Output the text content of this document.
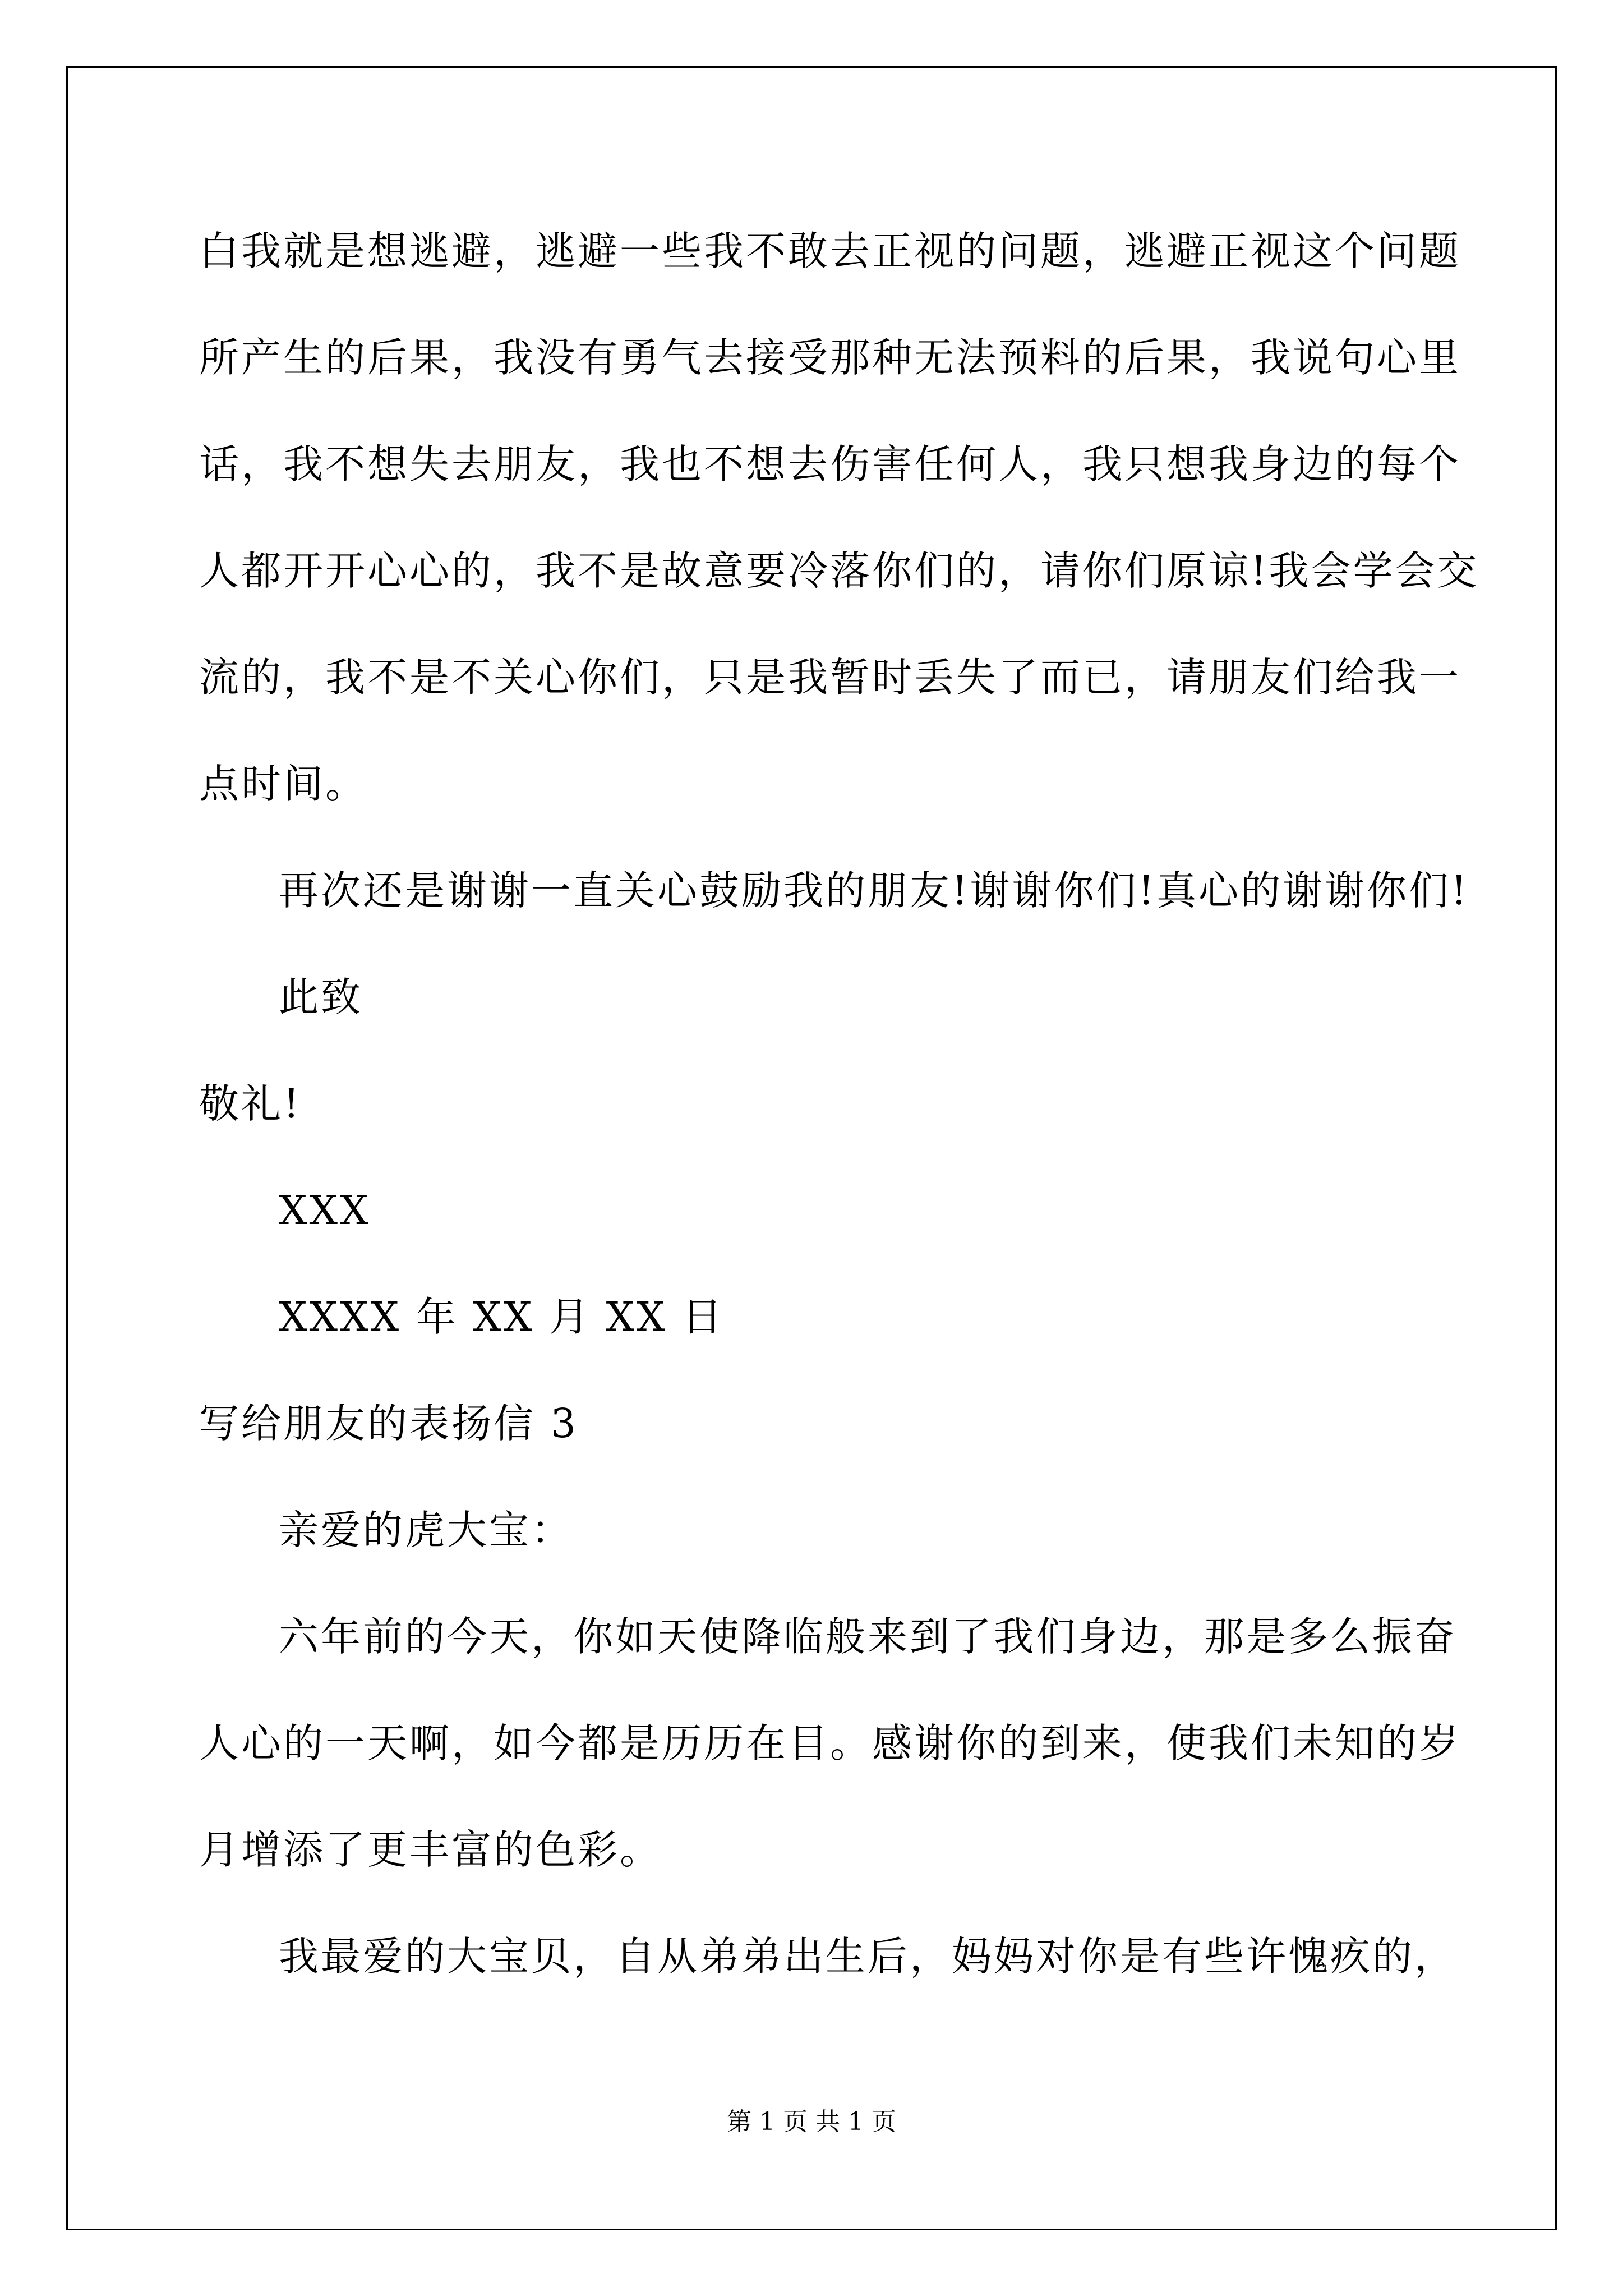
白我就是想逃避，逃避一些我不敢去正视的问题，逃避正视这个问题

所产生的后果，我没有勇气去接受那种无法预料的后果，我说句心里

话，我不想失去朋友，我也不想去伤害任何人，我只想我身边的每个

人都开开心心的，我不是故意要冷落你们的，请你们原谅!我会学会交

流的，我不是不关心你们，只是我暂时丢失了而已，请朋友们给我一

点时间。

再次还是谢谢一直关心鼓励我的朋友!谢谢你们!真心的谢谢你们!

此致

敬礼!

XXX

XXXX 年 XX 月 XX 日

写给朋友的表扬信 3

亲爱的虎大宝：

六年前的今天，你如天使降临般来到了我们身边，那是多么振奋

人心的一天啊，如今都是历历在目。感谢你的到来，使我们未知的岁

月增添了更丰富的色彩。

我最爱的大宝贝，自从弟弟出生后，妈妈对你是有些许愧疚的，

第 1 页 共 1 页
